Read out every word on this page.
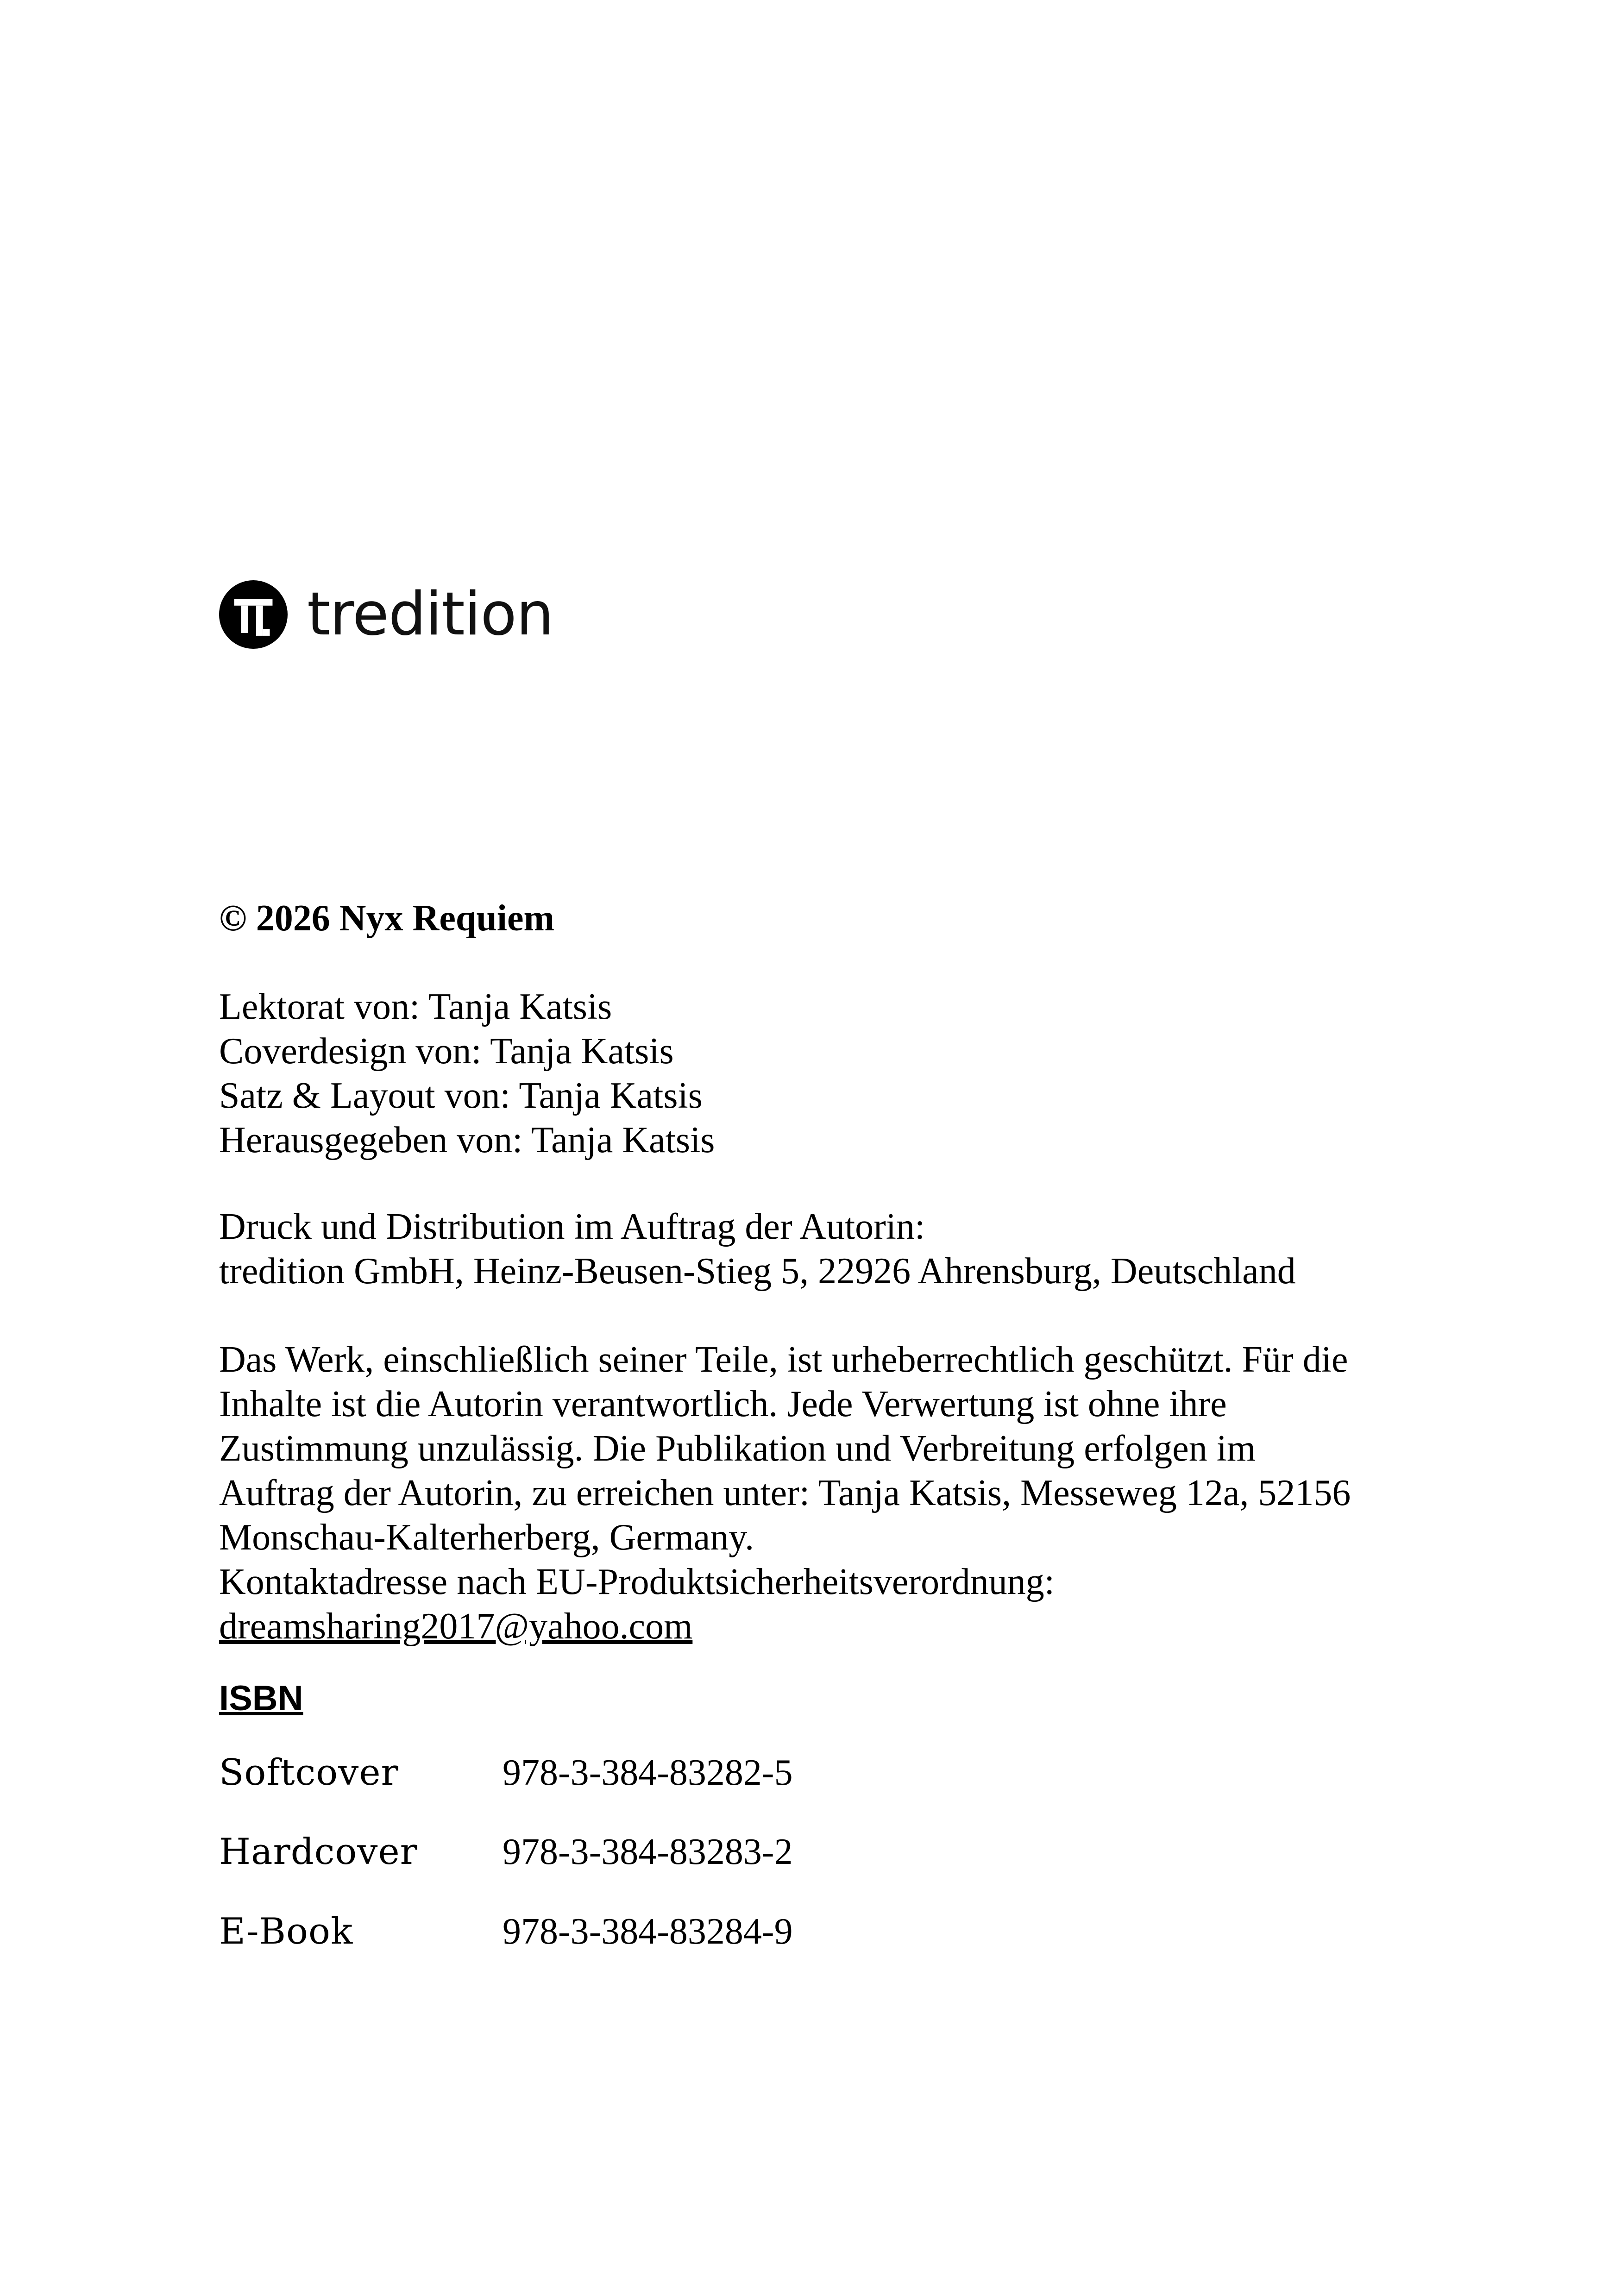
tredition
© 2026 Nyx Requiem
Lektorat von: Tanja Katsis
Coverdesign von: Tanja Katsis
Satz & Layout von: Tanja Katsis
Herausgegeben von: Tanja Katsis
Druck und Distribution im Auftrag der Autorin:
tredition GmbH, Heinz-Beusen-Stieg 5, 22926 Ahrensburg, Deutschland
Das Werk, einschließlich seiner Teile, ist urheberrechtlich geschützt. Für die
Inhalte ist die Autorin verantwortlich. Jede Verwertung ist ohne ihre
Zustimmung unzulässig. Die Publikation und Verbreitung erfolgen im
Auftrag der Autorin, zu erreichen unter: Tanja Katsis, Messeweg 12a, 52156
Monschau-Kalterherberg, Germany.
Kontaktadresse nach EU-Produktsicherheitsverordnung:
dreamsharing2017@yahoo.com
ISBN
Softcover	978-3-384-83282-5
Hardcover 978-3-384-83283-2
E-Book	978-3-384-83284-9
